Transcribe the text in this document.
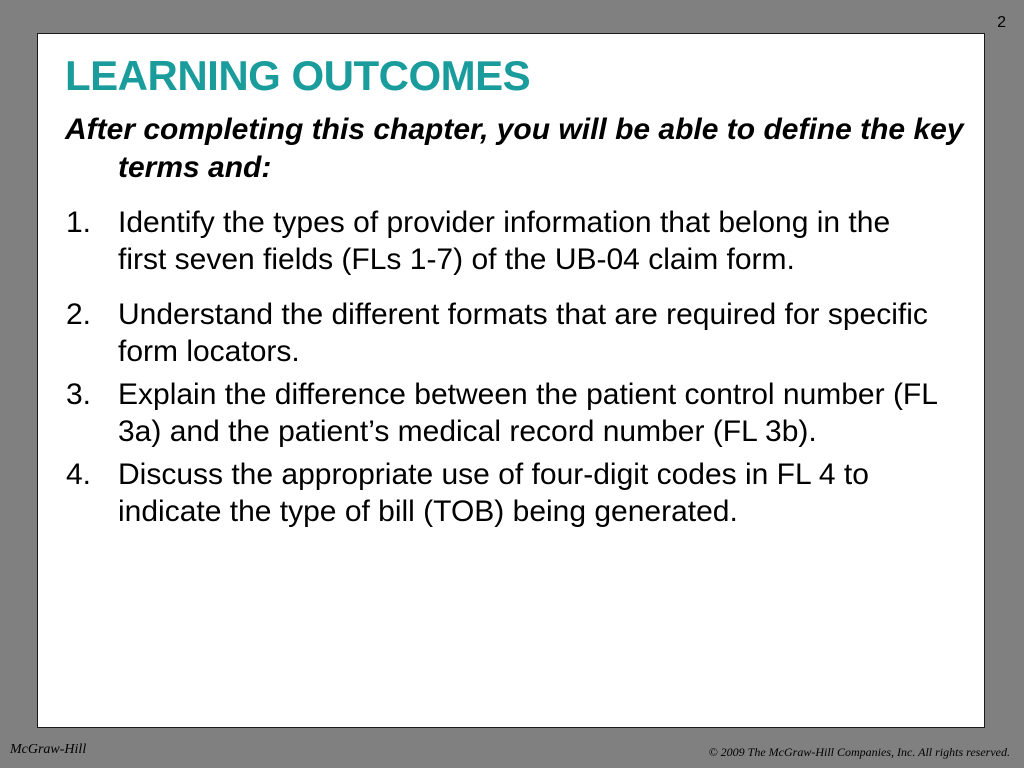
2
LEARNING OUTCOMES

After completing this chapter, you will be able to define the key terms and:

1. Identify the types of provider information that belong in the first seven fields (FLs 1-7) of the UB-04 claim form.
2. Understand the different formats that are required for specific form locators.
3. Explain the difference between the patient control number (FL 3a) and the patient’s medical record number (FL 3b).
4. Discuss the appropriate use of four-digit codes in FL 4 to indicate the type of bill (TOB) being generated.
McGraw-Hill	© 2009 The McGraw-Hill Companies, Inc. All rights reserved.
